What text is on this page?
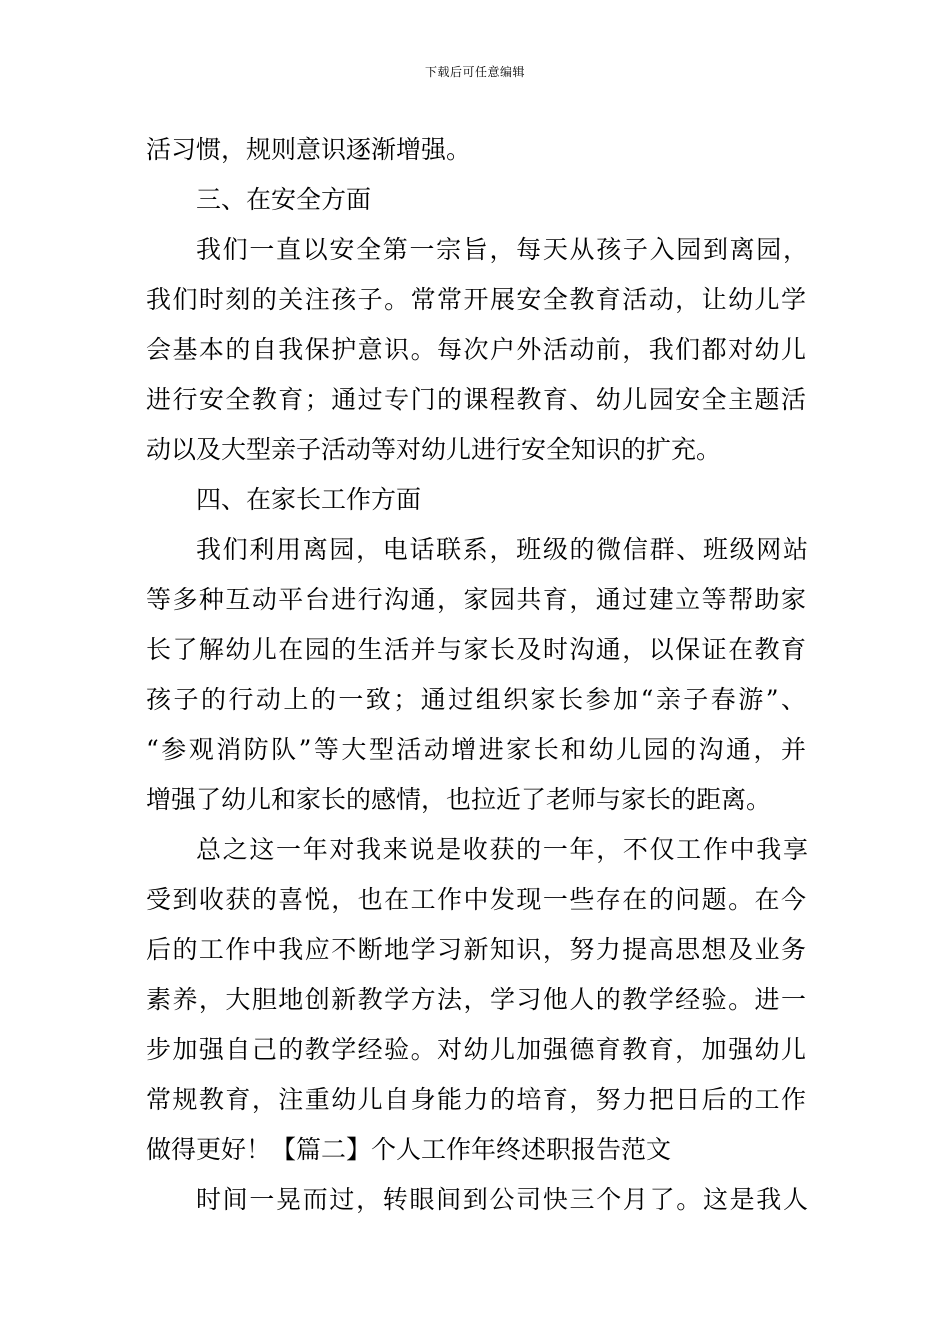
下载后可任意编辑
活习惯，规则意识逐渐增强。
三、在安全方面
我们一直以安全第一宗旨，每天从孩子入园到离园，
我们时刻的关注孩子。常常开展安全教育活动，让幼儿学
会基本的自我保护意识。每次户外活动前，我们都对幼儿
进行安全教育；通过专门的课程教育、幼儿园安全主题活
动以及大型亲子活动等对幼儿进行安全知识的扩充。
四、在家长工作方面
我们利用离园，电话联系，班级的微信群、班级网站
等多种互动平台进行沟通，家园共育，通过建立等帮助家
长了解幼儿在园的生活并与家长及时沟通，以保证在教育
孩子的行动上的一致；通过组织家长参加“亲子春游”、
“参观消防队”等大型活动增进家长和幼儿园的沟通，并
增强了幼儿和家长的感情，也拉近了老师与家长的距离。
总之这一年对我来说是收获的一年，不仅工作中我享
受到收获的喜悦，也在工作中发现一些存在的问题。在今
后的工作中我应不断地学习新知识，努力提高思想及业务
素养，大胆地创新教学方法，学习他人的教学经验。进一
步加强自己的教学经验。对幼儿加强德育教育，加强幼儿
常规教育，注重幼儿自身能力的培育，努力把日后的工作
做得更好！【篇二】个人工作年终述职报告范文
时间一晃而过，转眼间到公司快三个月了。这是我人
